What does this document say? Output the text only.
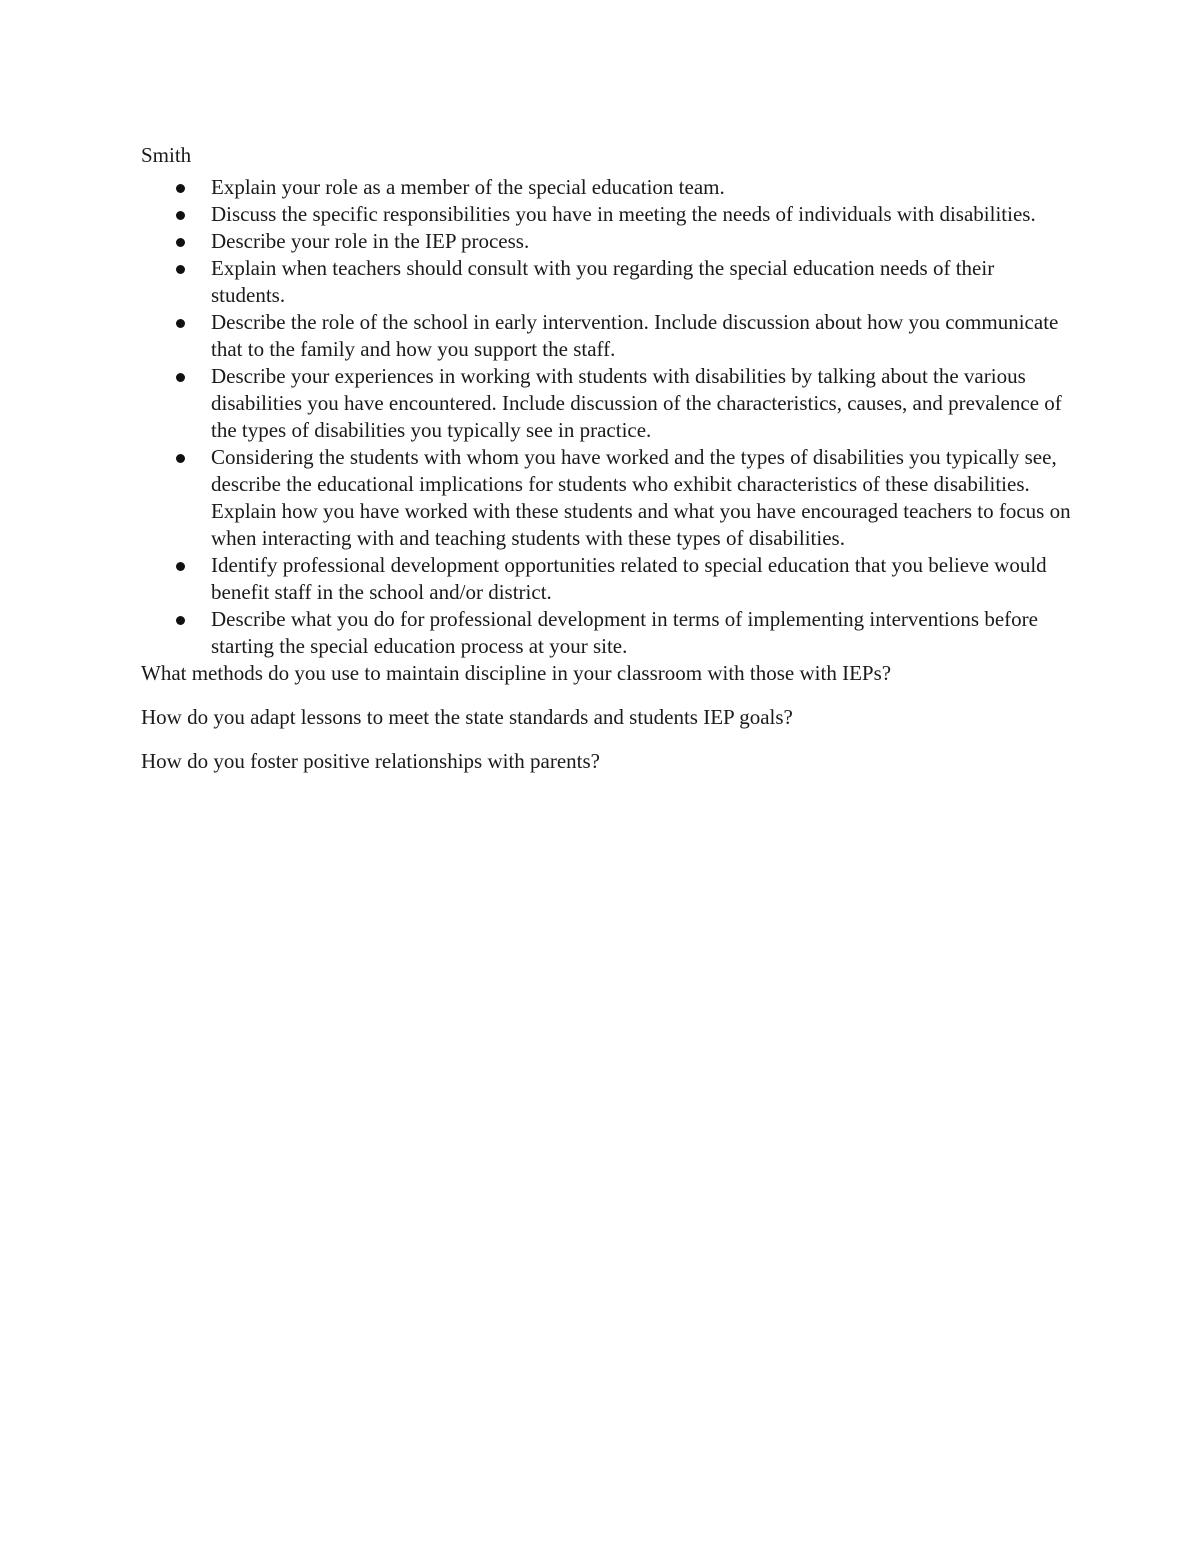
Smith
Explain your role as a member of the special education team.
Discuss the specific responsibilities you have in meeting the needs of individuals with disabilities.
Describe your role in the IEP process.
Explain when teachers should consult with you regarding the special education needs of their students.
Describe the role of the school in early intervention. Include discussion about how you communicate that to the family and how you support the staff.
Describe your experiences in working with students with disabilities by talking about the various disabilities you have encountered. Include discussion of the characteristics, causes, and prevalence of the types of disabilities you typically see in practice.
Considering the students with whom you have worked and the types of disabilities you typically see, describe the educational implications for students who exhibit characteristics of these disabilities. Explain how you have worked with these students and what you have encouraged teachers to focus on when interacting with and teaching students with these types of disabilities.
Identify professional development opportunities related to special education that you believe would benefit staff in the school and/or district.
Describe what you do for professional development in terms of implementing interventions before starting the special education process at your site.

What methods do you use to maintain discipline in your classroom with those with IEPs?

How do you adapt lessons to meet the state standards and students IEP goals?

How do you foster positive relationships with parents?
